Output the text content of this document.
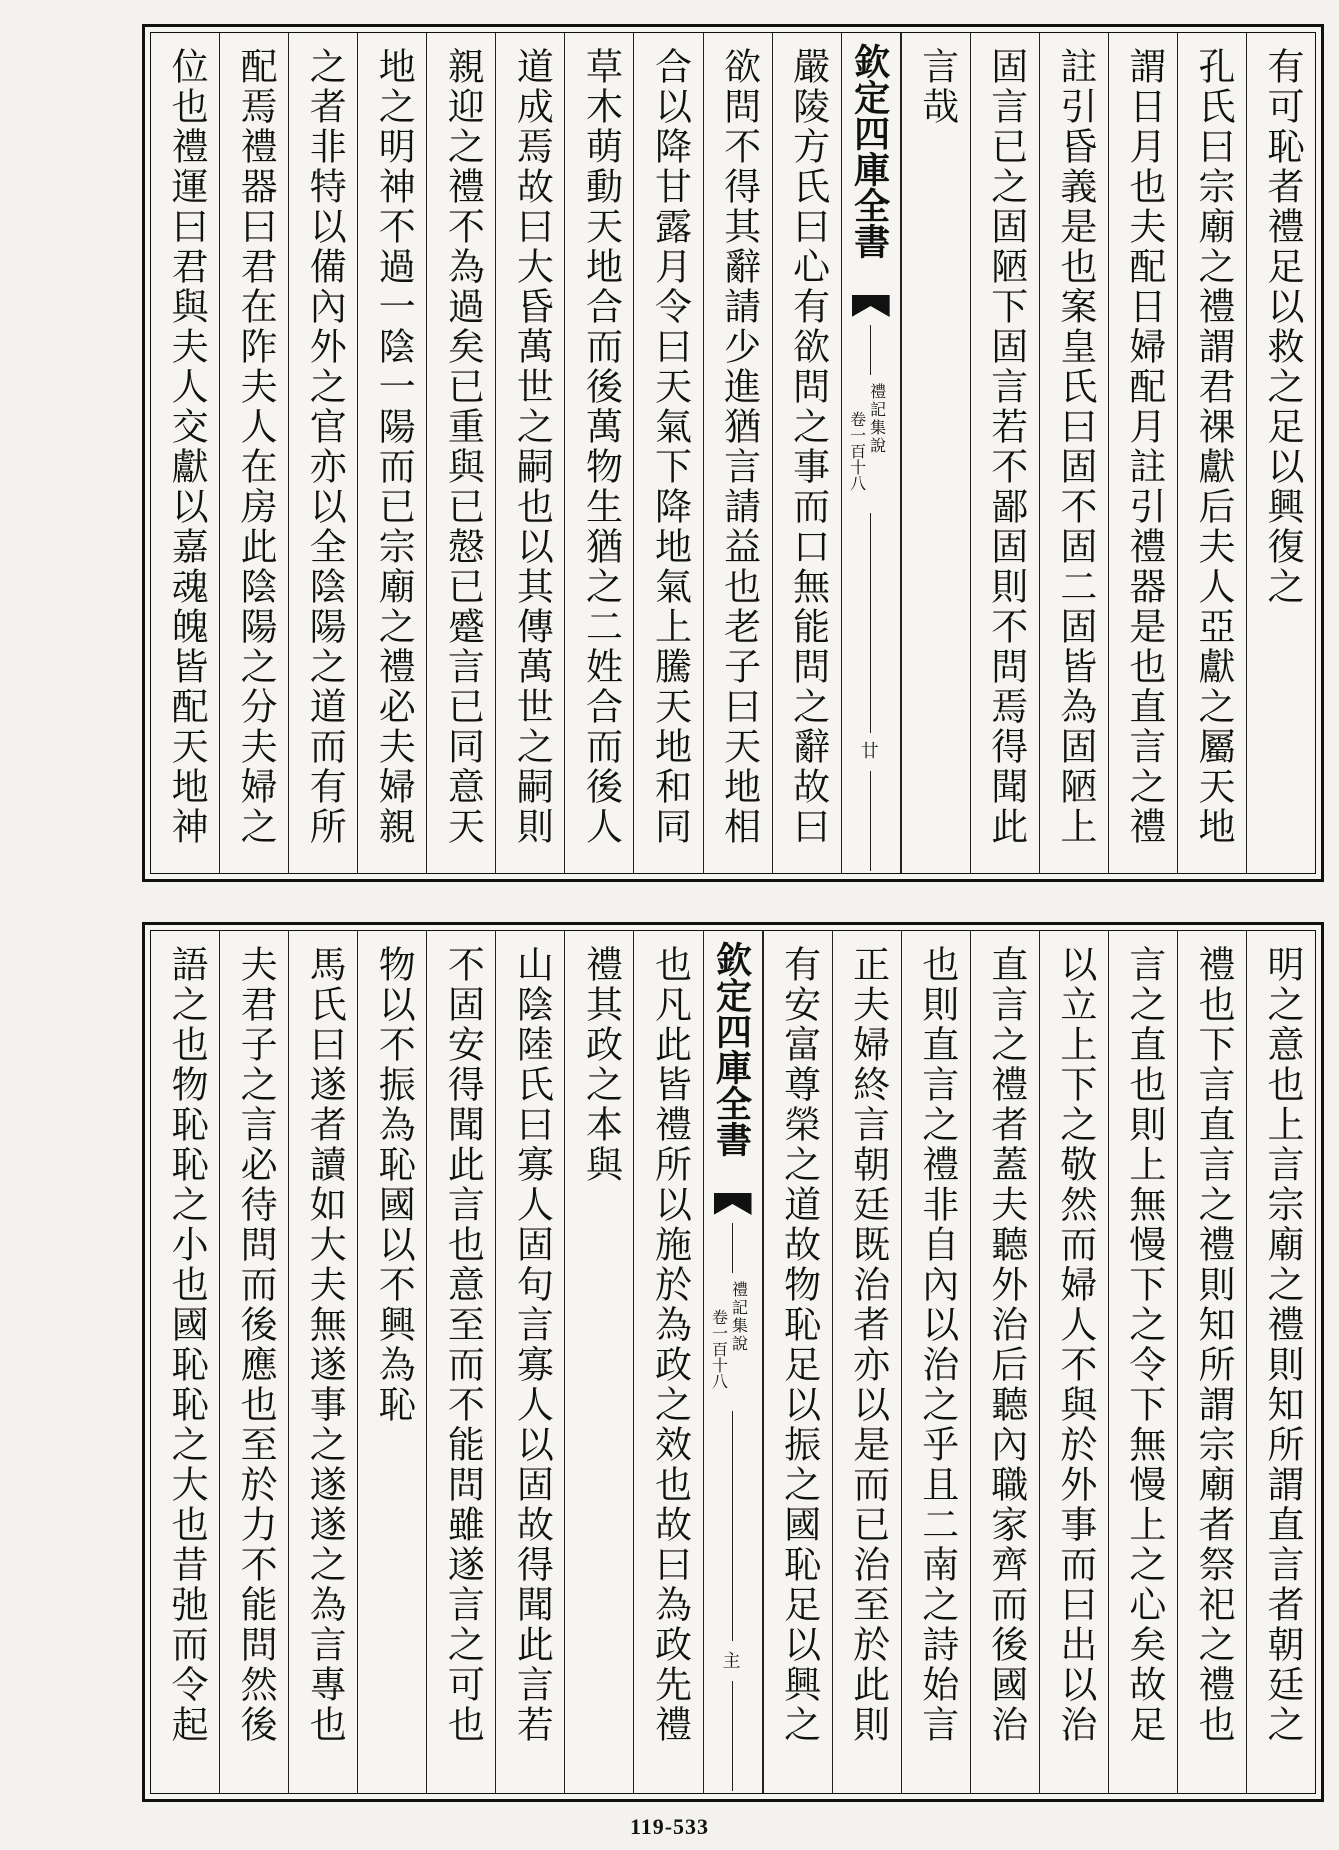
有可恥者禮足以救之足以興復之
孔氏曰宗廟之禮謂君祼獻后夫人亞獻之屬天地
謂日月也夫配日婦配月註引禮器是也直言之禮
註引昏義是也案皇氏曰固不固二固皆為固陋上
固言已之固陋下固言若不鄙固則不問焉得聞此
言哉
欽定四庫全書
禮記集說
卷一百十八
廿
嚴陵方氏曰心有欲問之事而口無能問之辭故曰
欲問不得其辭請少進猶言請益也老子曰天地相
合以降甘露月令曰天氣下降地氣上騰天地和同
草木萌動天地合而後萬物生猶之二姓合而後人
道成焉故曰大昏萬世之嗣也以其傳萬世之嗣則
親迎之禮不為過矣已重與已慤已蹙言已同意天
地之明神不過一陰一陽而已宗廟之禮必夫婦親
之者非特以備內外之官亦以全陰陽之道而有所
配焉禮器曰君在阼夫人在房此陰陽之分夫婦之
位也禮運曰君與夫人交獻以嘉魂魄皆配天地神
明之意也上言宗廟之禮則知所謂直言者朝廷之
禮也下言直言之禮則知所謂宗廟者祭祀之禮也
言之直也則上無慢下之令下無慢上之心矣故足
以立上下之敬然而婦人不與於外事而曰出以治
直言之禮者蓋夫聽外治后聽內職家齊而後國治
也則直言之禮非自內以治之乎且二南之詩始言
正夫婦終言朝廷既治者亦以是而已治至於此則
有安富尊榮之道故物恥足以振之國恥足以興之
欽定四庫全書
禮記集說
卷一百十八
主
也凡此皆禮所以施於為政之效也故曰為政先禮
禮其政之本與
山陰陸氏曰寡人固句言寡人以固故得聞此言若
不固安得聞此言也意至而不能問雖遂言之可也
物以不振為恥國以不興為恥
馬氏曰遂者讀如大夫無遂事之遂遂之為言專也
夫君子之言必待問而後應也至於力不能問然後
語之也物恥恥之小也國恥恥之大也昔弛而令起
119-533
